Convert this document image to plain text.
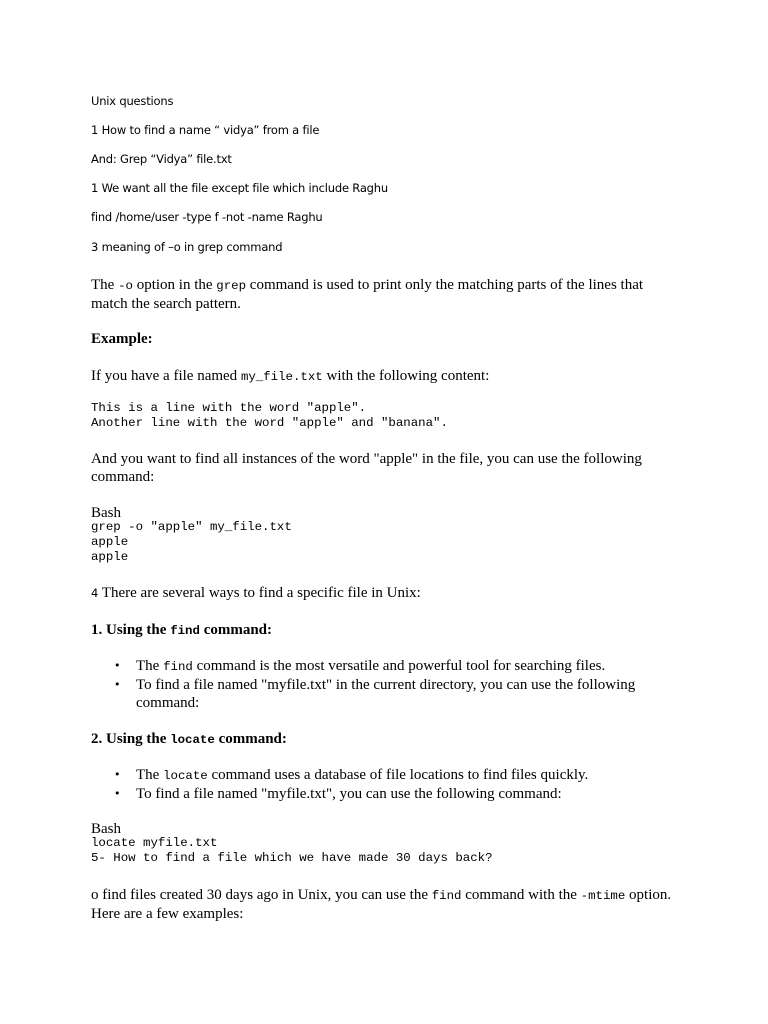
Unix questions
1 How to find a name “ vidya” from a file
And: Grep “Vidya” file.txt
1 We want all the file except file which include Raghu
find /home/user -type f -not -name Raghu
3 meaning of –o in grep command

The -o option in the grep command is used to print only the matching parts of the lines that match the search pattern.

Example:

If you have a file named my_file.txt with the following content:

This is a line with the word "apple".
Another line with the word "apple" and "banana".

And you want to find all instances of the word "apple" in the file, you can use the following command:

Bash

grep -o "apple" my_file.txt
apple
apple

4 There are several ways to find a specific file in Unix:

1. Using the find command:

• The find command is the most versatile and powerful tool for searching files.
• To find a file named "myfile.txt" in the current directory, you can use the following command:

2. Using the locate command:

• The locate command uses a database of file locations to find files quickly.
• To find a file named "myfile.txt", you can use the following command:

Bash

locate myfile.txt
5- How to find a file which we have made 30 days back?

o find files created 30 days ago in Unix, you can use the find command with the -mtime option. Here are a few examples:
